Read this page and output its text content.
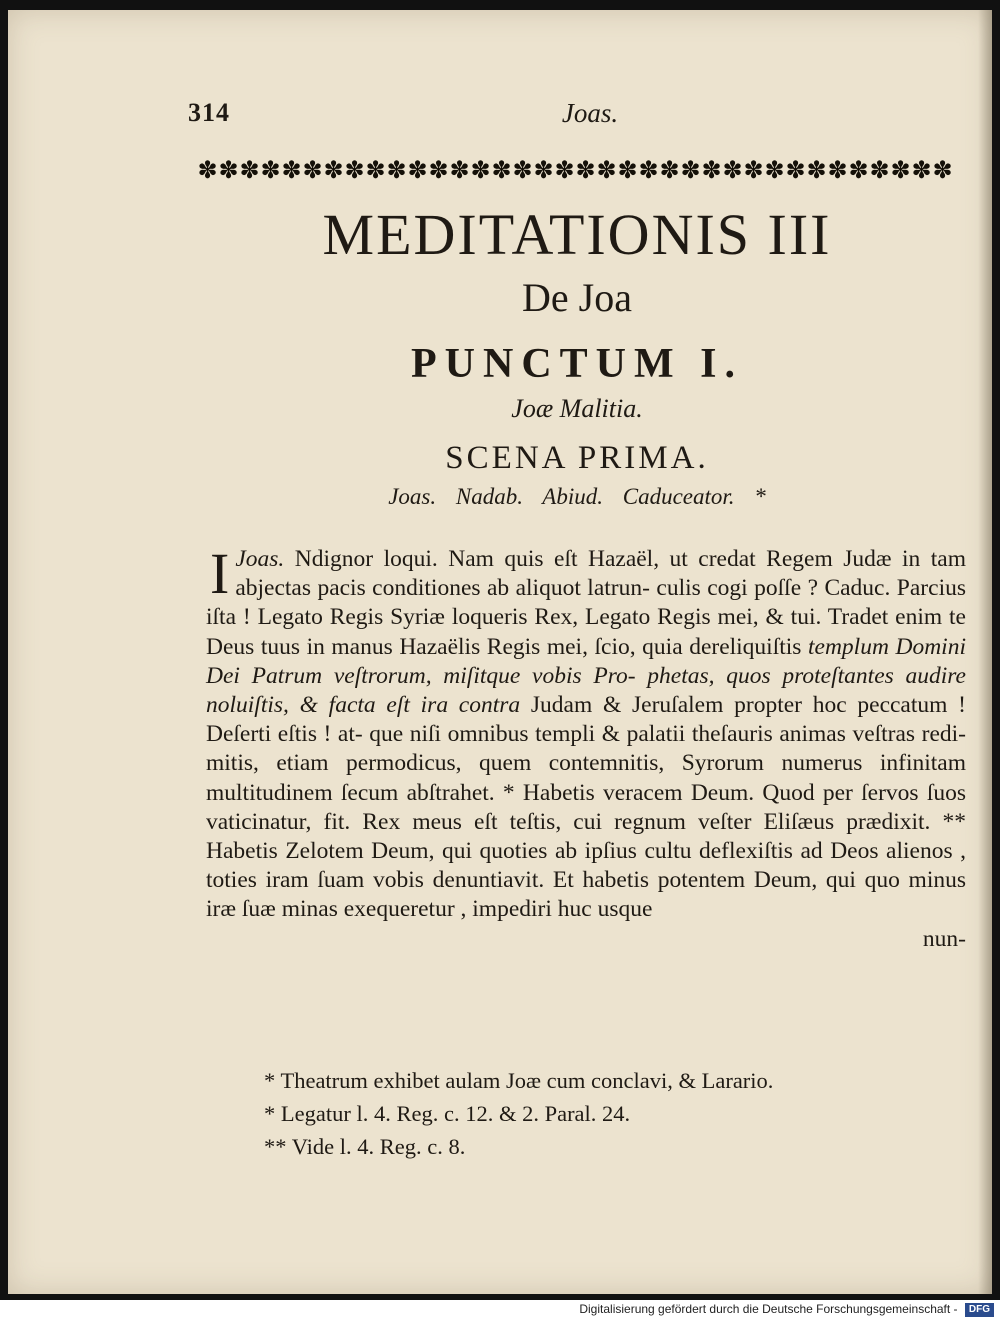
314	Joas.
✽ ✽ ✽ ✽ ✽ ✽ ✽ ✽ ✽ ✽ ✽ ✽ ✽ ✽ ✽ ✽ ✽ ✽ ✽ ✽ ✽ ✽ ✽ ✽ ✽ ✽ ✽ ✽ ✽ ✽ ✽ ✽ ✽ ✽ ✽ ✽
MEDITATIONIS III
De Joa
PUNCTUM I.
Joæ Malitia.
SCENA PRIMA.
Joas. Nadab. Abiud. Caduceator. *

Joas.
I	Ndignor loqui. Nam quis eſt Hazaël, ut credat Regem Judæ in tam abjectas pacis conditiones ab aliquot latrun- culis cogi poſſe ? Caduc. Parcius iſta ! Legato Regis Syriæ loqueris Rex, Legato Regis mei, & tui. Tradet enim te Deus tuus in manus Hazaëlis Regis mei, ſcio, quia dereliquiſtis templum Domini Dei Patrum veſtrorum, miſitque vobis Pro- phetas, quos proteſtantes audire noluiſtis, & facta eſt ira contra Judam & Jeruſalem propter hoc peccatum ! Deſerti eſtis ! at- que niſi omnibus templi & palatii theſauris animas veſtras redi- mitis, etiam permodicus, quem contemnitis, Syrorum numerus infinitam multitudinem ſecum abſtrahet. * Habetis veracem Deum. Quod per ſervos ſuos vaticinatur, fit. Rex meus eſt teſtis, cui regnum veſter Eliſæus prædixit. ** Habetis Zelotem Deum, qui quoties ab ipſius cultu deflexiſtis ad Deos alienos , toties iram ſuam vobis denuntiavit. Et habetis potentem Deum, qui quo minus iræ ſuæ minas exequeretur , impediri huc usque

nun-

* Theatrum exhibet aulam Joæ cum conclavi, & Larario.
* Legatur l. 4. Reg. c. 12. & 2. Paral. 24.
** Vide l. 4. Reg. c. 8.
Digitalisierung gefördert durch die Deutsche Forschungsgemeinschaft - DFG
